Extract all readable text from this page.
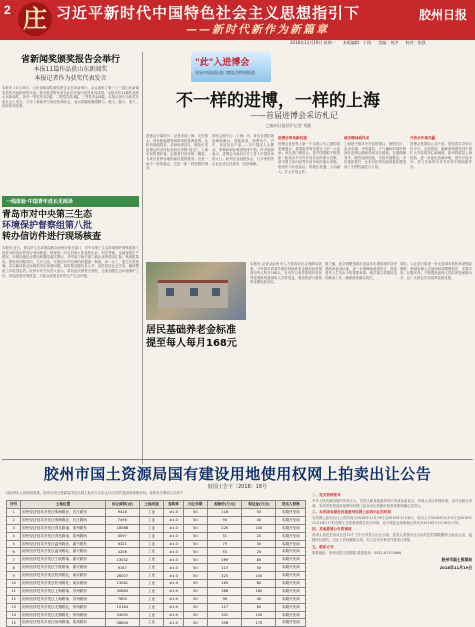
2 庄 习近平新时代中国特色社会主义思想指引下
——新时代新作为新篇章
胶州日报
2018年11月19日 星期一 本版编辑：于翔 美编：刘洪 校对：张强
省新闻奖颁奖报告会举行
本报11篇作品获山东新闻奖
本报记者作为获奖代表发言
本报讯 11月16日，山东省新闻奖颁奖报告会在济南举行。会议表彰了第三十三届山东新闻奖获奖作品和获奖代表。我市报送的作品在此次评选中取得优异成绩，本报共有11篇作品获山东新闻奖，其中一等奖作品2篇、二等奖作品3篇、三等奖作品6篇。本报记者作为获奖代表在会上发言，分享了新闻采写的经验和体会，表示将继续增强脚力、眼力、脑力、笔力，讲好胶州故事。
一线体验·中国青年成长见闻录
青岛市对中央第三生态
环境保护督察组第八批
转办信访件进行现场核查
本报讯 近日，青岛市生态环境局联合胶州市相关部门，对中央第三生态环境保护督察组第八批转办的信访件进行现场核查。核查组一行先后深入涉及的企业、村庄等地，实地查看生产情况、环保设施运行情况和整改落实情况，并听取了相关部门和企业的情况汇报。核查组要求，要坚持问题导向，立行立改，对照信访件反映的问题逐一核查，举一反三，建立长效机制，切实解决群众反映的突出环境问题。同时要加强信息公开，及时回应社会关切，确保整改工作取得实效。胶州市有关负责人表示，将以此次督察为契机，全面加强生态环境保护工作，持续改善环境质量，为群众创造良好的生产生活环境。
"此"入进博会
首届中国国际进口博览会特别报道
不一样的进博，一样的上海
——首届进博会采访札记
□胶州日报驻沪记者 刘晓
进博会开幕前夕，记者来到上海。走在街头，到处都能感受到浓浓的进博氛围。从机场到地铁站，从商场到社区，随处可见进博会的宣传标语和吉祥物"进宝"。上海市民热情好客，志愿者们身穿统一服装，为来自世界各地的嘉宾提供服务。这是一场不一样的盛会，这是一座一样热情的城市。
国家会展中心（上海）内，来自各国的展品琳琅满目。智能装备、消费电子、汽车、食品及农产品……各个展区人头攒动，采购商和参观者络绎不绝。许多展商表示，进博会为他们打开了进入中国市场的大门。胶州企业组团参会，与多家国外企业达成合作意向，收获满满。
进博会带来新机遇
进博会是世界上第一个以进口为主题的国家级展会，是国际贸易发展史上的一大创举。举办进口博览会，是中国着眼于推进新一轮高水平对外开放作出的重大决策，是中国主动向世界开放市场的重大举措。胶州作为开放前沿，将抓住机遇，主动融入，扩大开放合作。
城市精神展风采
上海是中国对外开放的窗口，海纳百川、追求卓越、开明睿智、大气谦和的城市精神在进博会期间得到充分展现。交通保障有序，服务周到细致，市容环境整洁，市民素质提升，让来自世界各地的嘉宾感受到了中国的温度与力量。
开放合作谋共赢
进博会是国际公共产品，是各国共享的合作平台。走进展馆，能够深刻感受到中国扩大开放的决心和诚意。胶州将借鉴上海经验，进一步优化营商环境，提升开放水平，努力在新时代对外开放中展现新作为。
居民基础养老金标准
提至每人每月168元
本报讯 记者从胶州市人力资源和社会保障局获悉，今年我市将城乡居民基础养老金最低标准提高至每人每月168元，全市符合条件的城乡居民养老保险待遇领取人员将受益，增加的部分将按时足额发放到位。
据了解，此次调整是我市连续多年提高城乡居民基础养老金标准，进一步保障和改善民生、提高老年人生活水平的重要举措。相关部门将做好宣传解读工作，确保政策落实到位。
同时，人社部门将进一步完善城乡居民养老保险制度，鼓励参保人员选择较高缴费档次，多缴多得，长缴多得，不断提高参保人员的养老保障水平，让广大群众共享改革发展成果。
胶州市国土资源局国有建设用地使用权网上拍卖出让公告
胶国土告字〔2018〕18号
经胶州市人民政府批准，胶州市国土资源局决定以网上拍卖方式出让11宗国有建设用地使用权。现将有关事项公告如下：
序号	土地位置	出让面积(㎡)	土地用途	容积率	出让年限	起始价(万元)	保证金(万元)	竞买人资格
1	胶州经济技术开发区珠海路北、长江路东	9418	工业	≥1.0	50	118	50	本期开发商
2	胶州经济技术开发区珠海路北、长江路西	7496	工业	≥1.0	50	94	40	本期开发商
3	胶州经济技术开发区青岛路南、泰州路东	18088	工业	≥1.0	50	226	100	本期开发商
4	胶州经济技术开发区青岛路南、泰州路西	4097	工业	≥1.0	50	51	20	本期开发商
5	胶州经济技术开发区温州路北、嘉兴路东	6321	工业	≥1.0	50	79	30	本期开发商
6	胶州经济技术开发区温州路北、嘉兴路西	4206	工业	≥1.0	50	53	20	本期开发商
7	胶州经济技术开发区宁波路南、嘉兴路东	13532	工业	≥1.0	50	169	80	本期开发商
8	胶州经济技术开发区宁波路南、嘉兴路西	9187	工业	≥1.0	50	115	50	本期开发商
9	胶州经济技术开发区杭州路北、南京路东	26007	工业	≥1.0	50	325	150	本期开发商
10	胶州经济技术开发区杭州路北、南京路西	13061	工业	≥1.0	50	163	80	本期开发商
11	胶州经济技术开发区上海路南、苏州路东	30883	工业	≥1.0	50	386	180	本期开发商
12	胶州经济技术开发区上海路南、苏州路西	7690	工业	≥1.0	50	96	40	本期开发商
13	胶州经济技术开发区无锡路北、常州路东	10164	工业	≥1.0	50	127	60	本期开发商
14	胶州经济技术开发区无锡路北、常州路西	24092	工业	≥1.0	50	301	150	本期开发商
15	胶州经济技术开发区扬州路南、泰州路东	28604	工业	≥1.0	50	358	170	本期开发商
二、竞买资格要求
中华人民共和国境内外的法人、自然人和其他组织均可申请参加竞买，申请人可以单独申请，也可以联合申请。本次国有建设用地使用权网上拍卖出让按照价高者得原则确定竞得人。
三、本次国有建设用地使用权网上拍卖出让的时间
本次网上拍卖出让公告时间为2018年11月19日至2018年12月8日。竞买人于2018年12月9日至2018年12月18日17时在网上交易系统提交竞买申请，竞买保证金到账截止时间为2018年12月18日17时。
四、其他需要公告的事项
竞得人须在拍卖成交后10个工作日内签订出让合同。竞得人须按出让合同约定的期限缴纳土地出让金，逾期未付清的，出让人有权解除合同。本公告未尽事宜详见出让须知。
五、联系方式
联系地址：胶州市国土资源局 联系电话：0532-87203666
胶州市国土资源局
2018年11月19日
